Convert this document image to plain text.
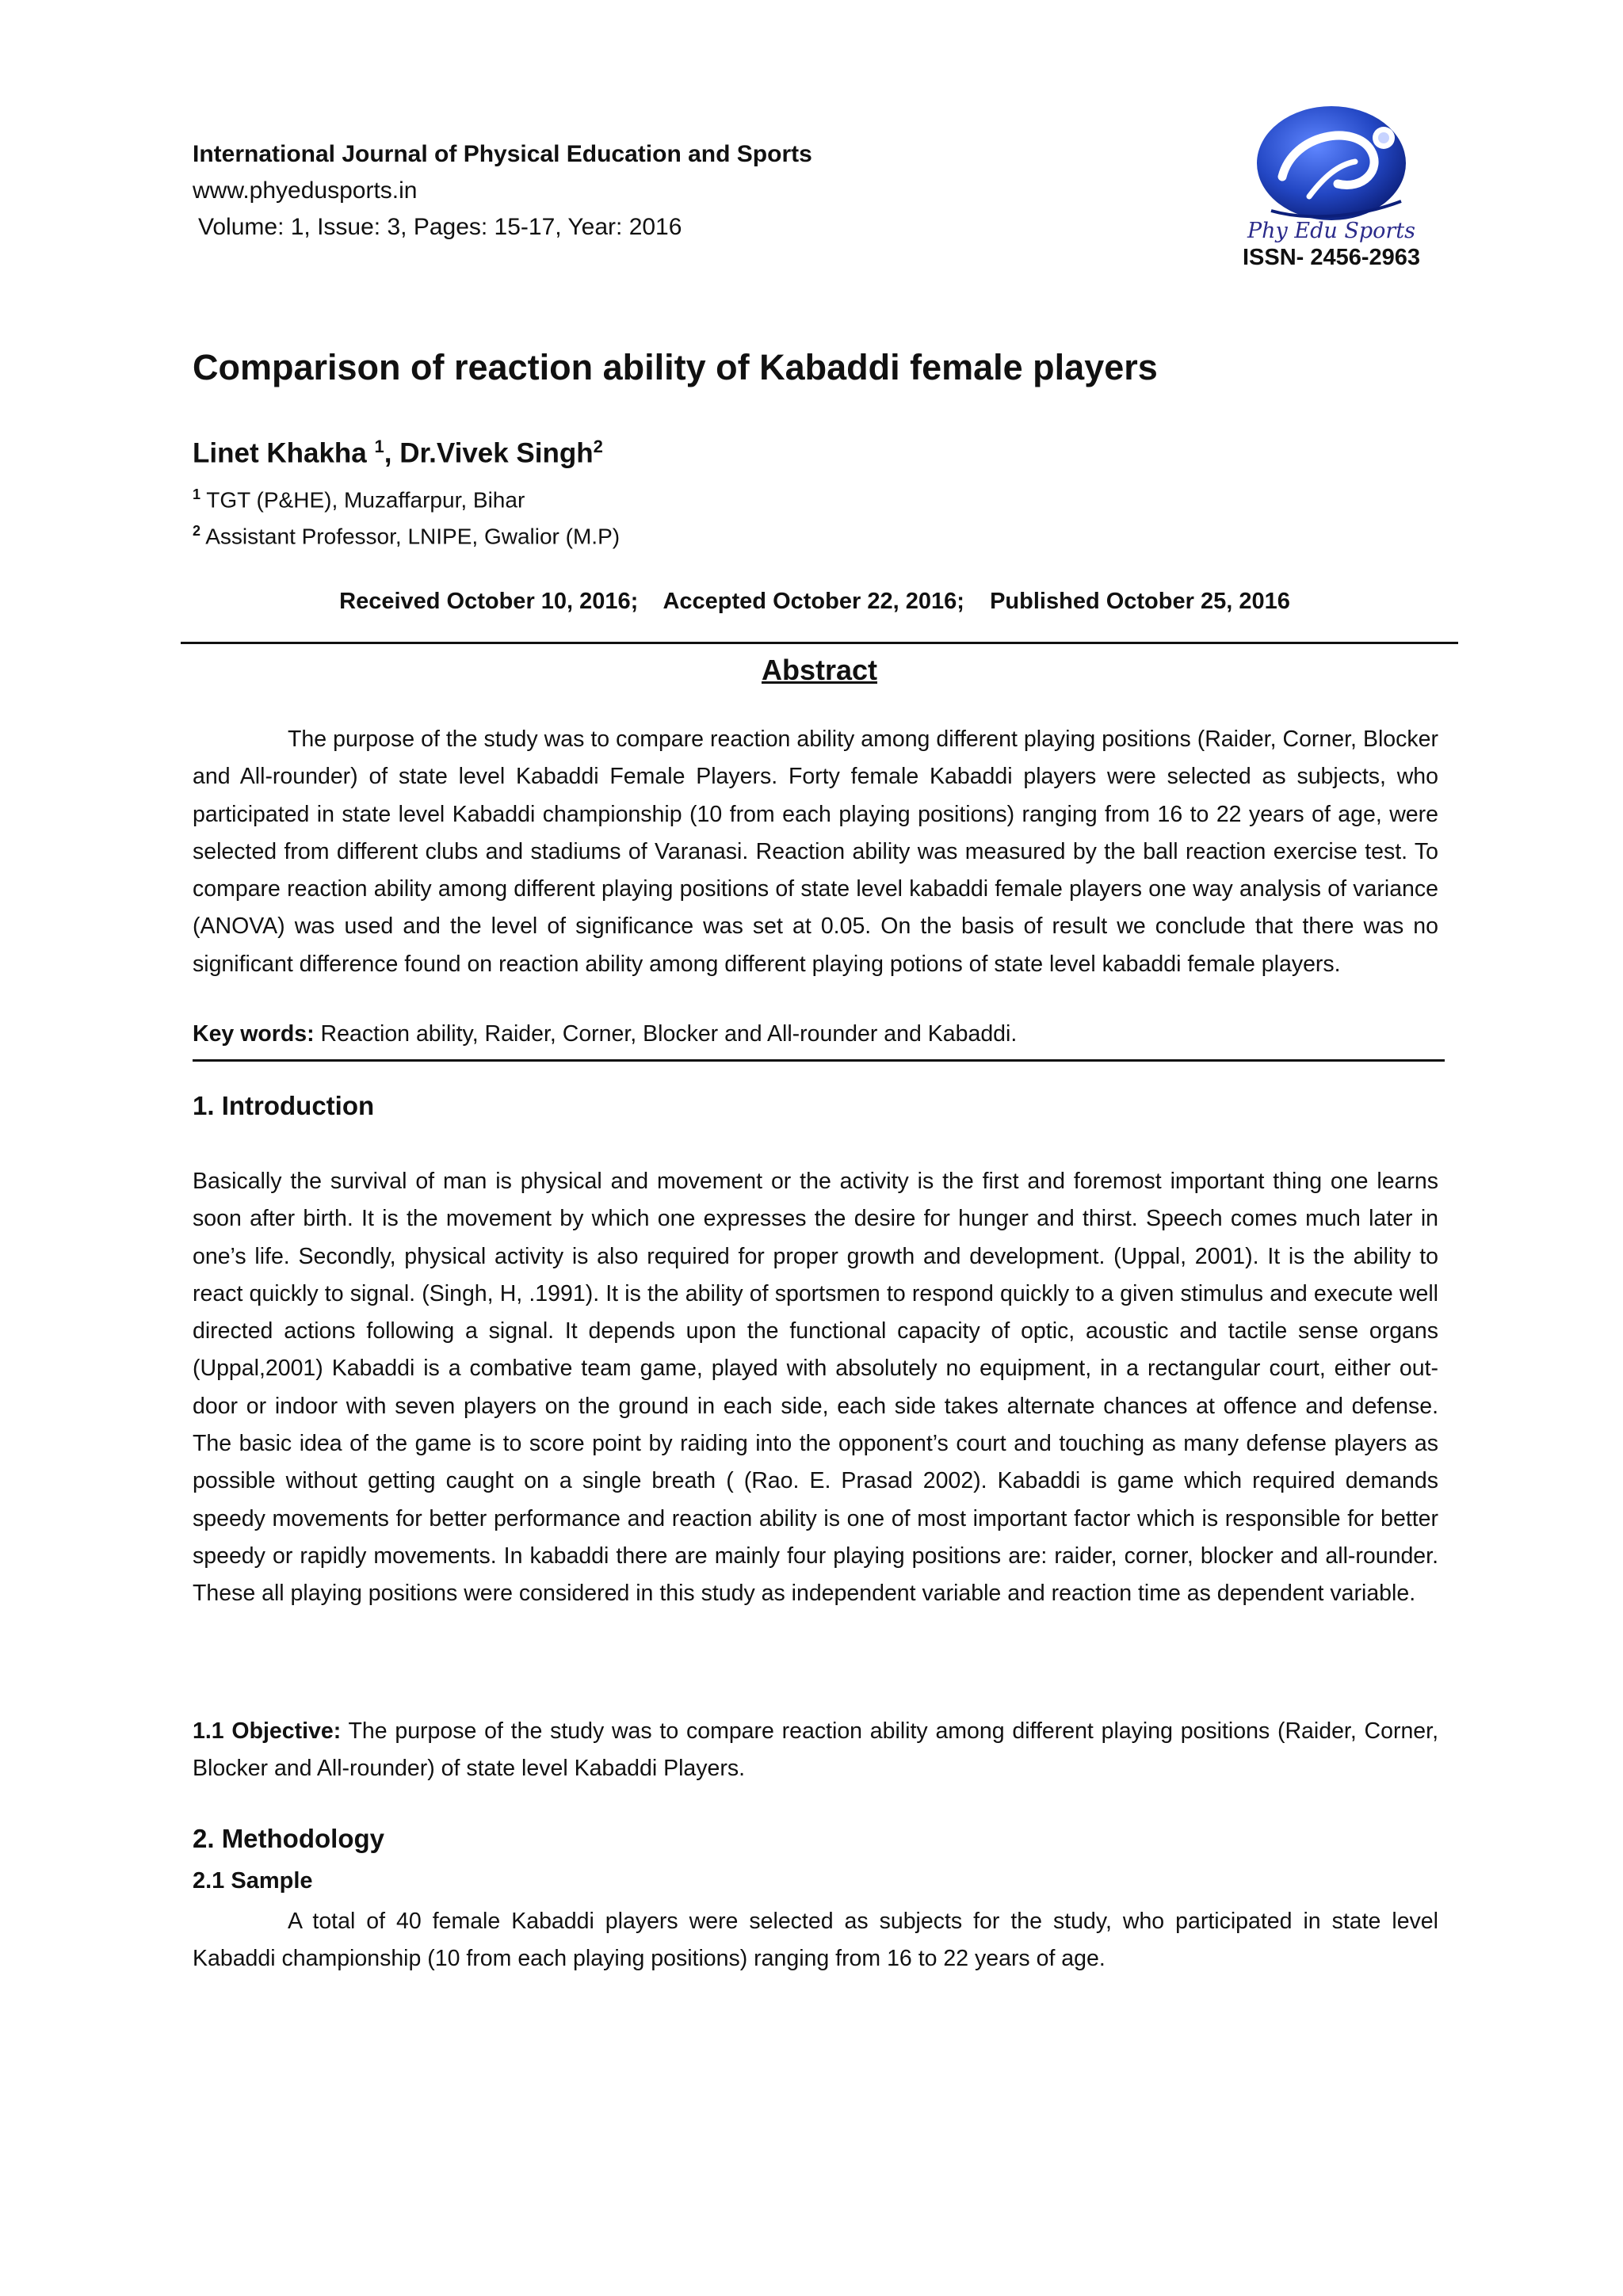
International Journal of Physical Education and Sports
www.phyedusports.in
Volume: 1, Issue: 3, Pages: 15-17, Year: 2016	Phy Edu Sports
ISSN- 2456-2963
Comparison of reaction ability of Kabaddi female players
Linet Khakha $^1$, Dr.Vivek Singh$^2$
$^1$ TGT (P&HE), Muzaffarpur, Bihar
$^2$ Assistant Professor, LNIPE, Gwalior (M.P)
Received October 10, 2016;    Accepted October 22, 2016;    Published October 25, 2016
Abstract
The purpose of the study was to compare reaction ability among different playing positions (Raider, Corner, Blocker and All-rounder) of state level Kabaddi Female Players. Forty female Kabaddi players were selected as subjects, who participated in state level Kabaddi championship (10 from each playing positions) ranging from 16 to 22 years of age, were selected from different clubs and stadiums of Varanasi. Reaction ability was measured by the ball reaction exercise test. To compare reaction ability among different playing positions of state level kabaddi female players one way analysis of variance (ANOVA) was used and the level of significance was set at 0.05. On the basis of result we conclude that there was no significant difference found on reaction ability among different playing potions of state level kabaddi female players.
Key words: Reaction ability, Raider, Corner, Blocker and All-rounder and Kabaddi.
1. Introduction
Basically the survival of man is physical and movement or the activity is the first and foremost important thing one learns soon after birth. It is the movement by which one expresses the desire for hunger and thirst. Speech comes much later in one’s life. Secondly, physical activity is also required for proper growth and development. (Uppal, 2001). It is the ability to react quickly to signal. (Singh, H, .1991). It is the ability of sportsmen to respond quickly to a given stimulus and execute well directed actions following a signal. It depends upon the functional capacity of optic, acoustic and tactile sense organs (Uppal,2001) Kabaddi is a combative team game, played with absolutely no equipment, in a rectangular court, either out-door or indoor with seven players on the ground in each side, each side takes alternate chances at offence and defense. The basic idea of the game is to score point by raiding into the opponent’s court and touching as many defense players as possible without getting caught on a single breath ( (Rao. E. Prasad 2002). Kabaddi is game which required demands speedy movements for better performance and reaction ability is one of most important factor which is responsible for better speedy or rapidly movements. In kabaddi there are mainly four playing positions are: raider, corner, blocker and all-rounder. These all playing positions were considered in this study as independent variable and reaction time as dependent variable.
1.1 Objective: The purpose of the study was to compare reaction ability among different playing positions (Raider, Corner, Blocker and All-rounder) of state level Kabaddi Players.
2. Methodology
2.1 Sample
A total of 40 female Kabaddi players were selected as subjects for the study, who participated in state level Kabaddi championship (10 from each playing positions) ranging from 16 to 22 years of age.
